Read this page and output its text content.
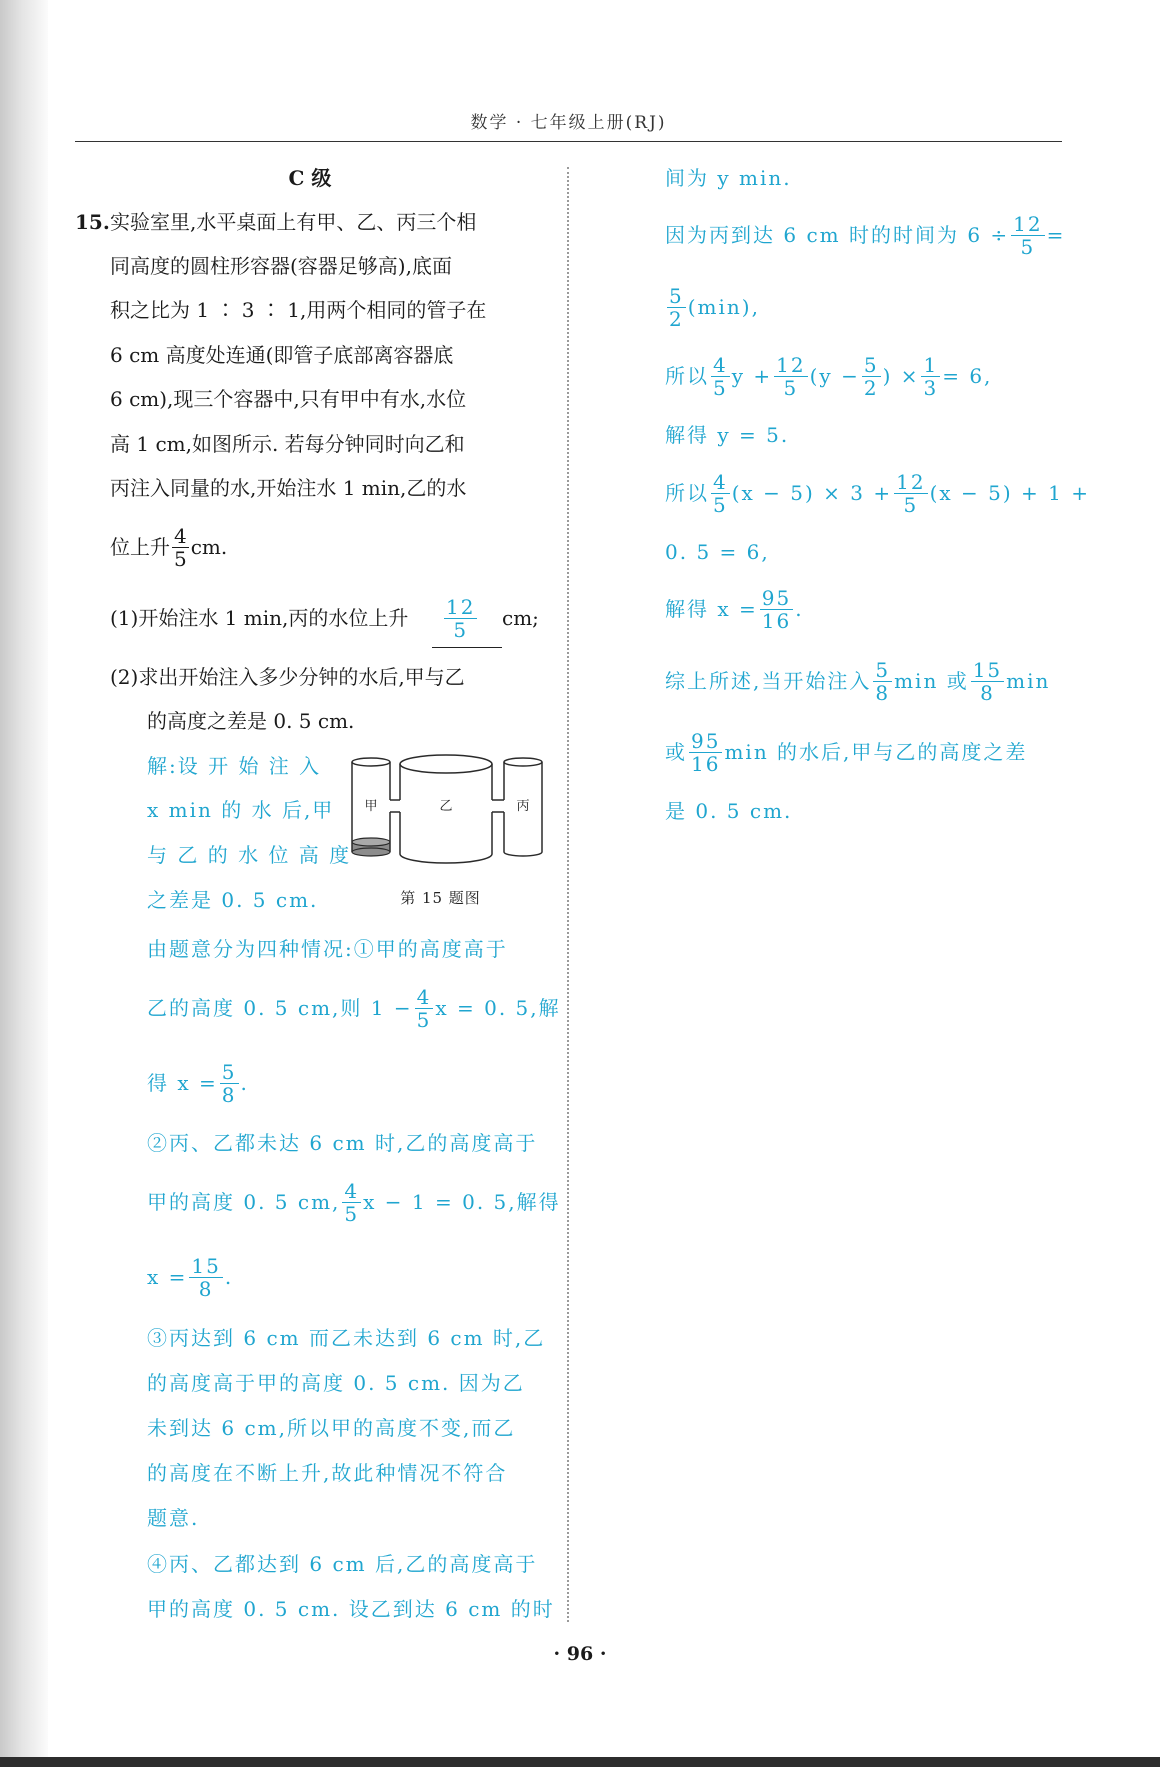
数学 · 七年级上册(RJ)
C 级
15. 实验室里,水平桌面上有甲、乙、丙三个相
同高度的圆柱形容器(容器足够高),底面
积之比为 1 ∶ 3 ∶ 1,用两个相同的管子在
6 cm 高度处连通(即管子底部离容器底
6 cm),现三个容器中,只有甲中有水,水位
高 1 cm,如图所示. 若每分钟同时向乙和
丙注入同量的水,开始注水 1 min,乙的水
位上升 $\frac{4}{5}$ cm.
(1)开始注水 1 min,丙的水位上升 $\frac{12}{5}$ cm;
(2)求出开始注入多少分钟的水后,甲与乙
的高度之差是 0. 5 cm.
解:设 开 始 注 入
x min 的 水 后,甲
与 乙 的 水 位 高 度
之差是 0. 5 cm.
甲	乙	丙
第 15 题图
由题意分为四种情况:①甲的高度高于
乙的高度 0. 5 cm,则 $1 - \frac{4}{5}$ x = 0. 5,解
得 $x = \frac{5}{8}$ .
②丙、乙都未达 6 cm 时,乙的高度高于
甲的高度 0. 5 cm, $\frac{4}{5}$ x − 1 = 0. 5,解得
$x = \frac{15}{8}$ .
③丙达到 6 cm 而乙未达到 6 cm 时,乙
的高度高于甲的高度 0. 5 cm. 因为乙
未到达 6 cm,所以甲的高度不变,而乙
的高度在不断上升,故此种情况不符合
题意.
④丙、乙都达到 6 cm 后,乙的高度高于
甲的高度 0. 5 cm. 设乙到达 6 cm 的时
间为 y min.
因为丙到达 6 cm 时的时间为 $6 \div \frac{12}{5}$ =
$\frac{5}{2} (\min)$,
所以 $\frac{4}{5}$ $y + \frac{12}{5} (y - \frac{5}{2}$ ) × $\frac{1}{3} = 6$,
解得 y = 5.
所以 $\frac{4}{5} (x - 5) \times 3 + \frac{12}{5} (x - 5) + 1$ +
0. 5 = 6,
解得 $x = \frac{95}{16}$ .
综上所述,当开始注入 $\frac{5}{8}$ min 或 $\frac{15}{8}$ min
或 $\frac{95}{16}$ min 的水后,甲与乙的高度之差
是 0. 5 cm.
· 96 ·
